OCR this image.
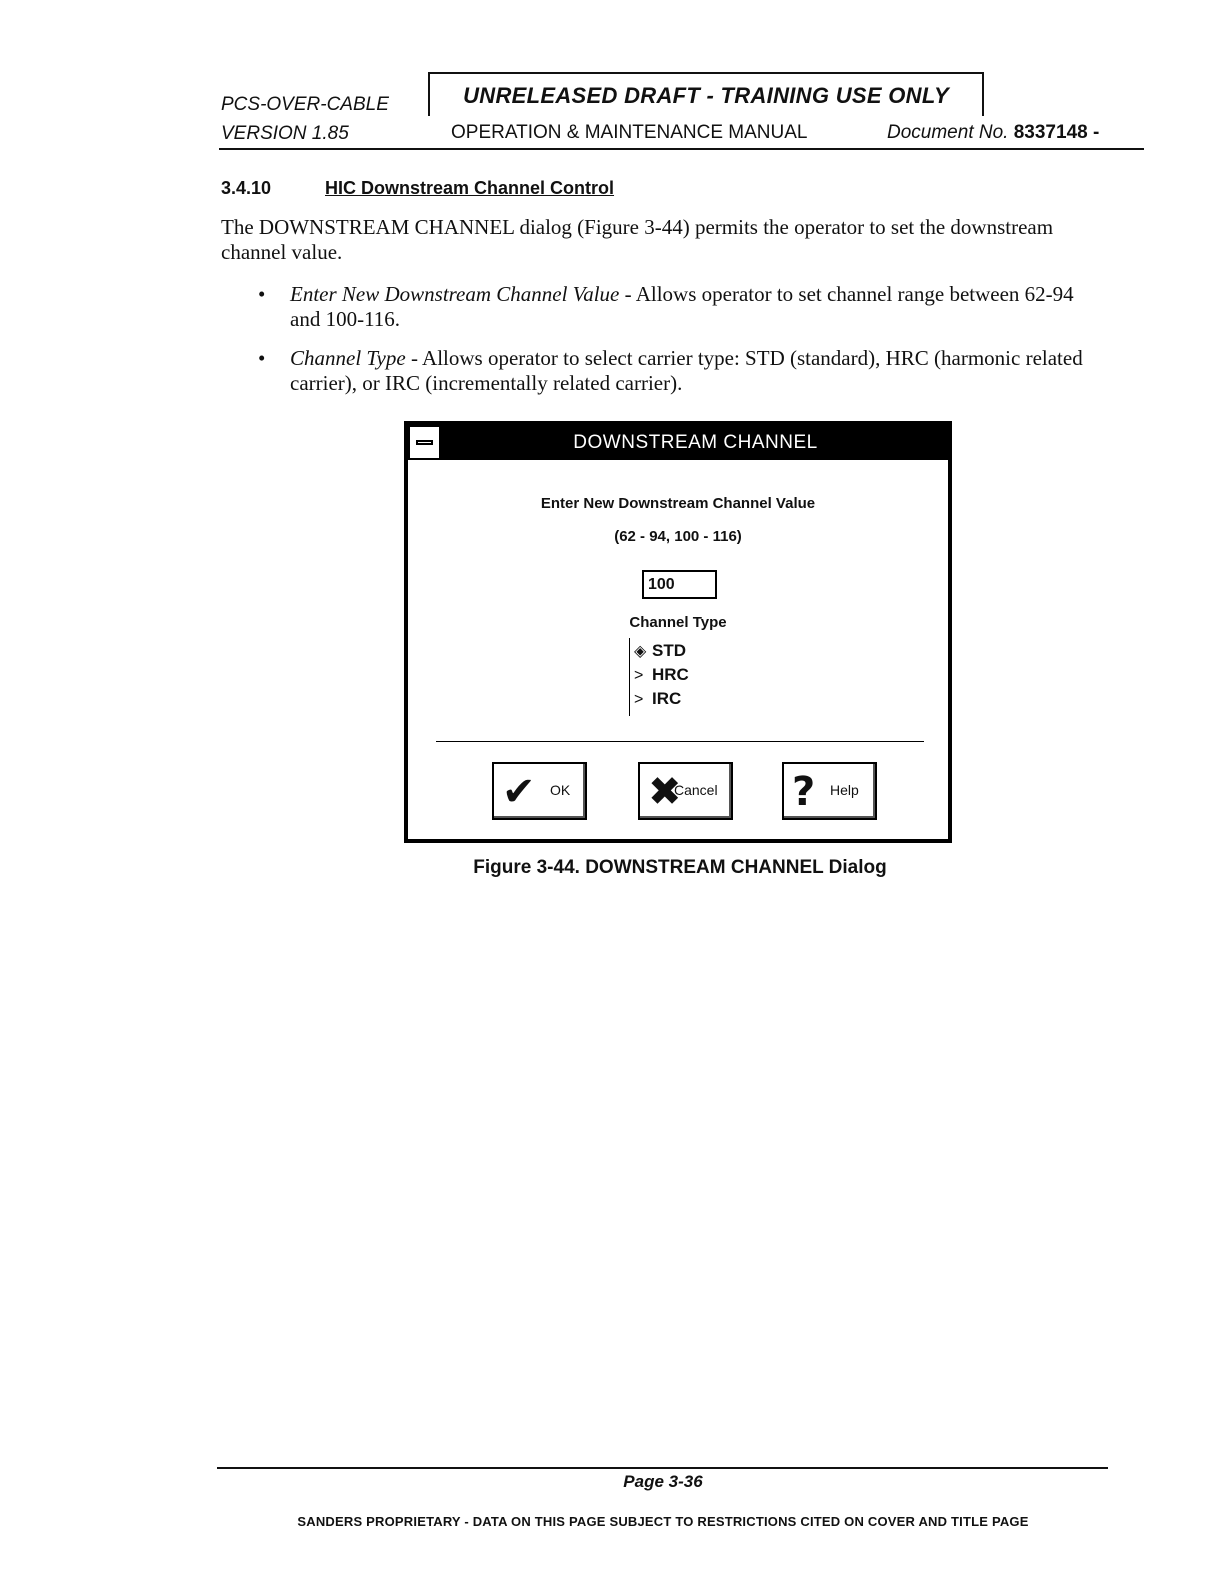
PCS-OVER-CABLE
VERSION 1.85
UNRELEASED DRAFT - TRAINING USE ONLY
OPERATION & MAINTENANCE MANUAL	Document No. 8337148 -
3.4.10	HIC Downstream Channel Control
The DOWNSTREAM CHANNEL dialog (Figure 3-44) permits the operator to set the downstream channel value.
• Enter New Downstream Channel Value - Allows operator to set channel range between 62-94 and 100-116.
• Channel Type - Allows operator to select carrier type: STD (standard), HRC (harmonic related carrier), or IRC (incrementally related carrier).
DOWNSTREAM CHANNEL
Enter New Downstream Channel Value
(62 - 94, 100 - 116)
100
Channel Type
◈ STD
> HRC
> IRC
✔ OK ✖
Cancel ? Help
Figure 3-44. DOWNSTREAM CHANNEL Dialog
Page 3-36
SANDERS PROPRIETARY - DATA ON THIS PAGE SUBJECT TO RESTRICTIONS CITED ON COVER AND TITLE PAGE
